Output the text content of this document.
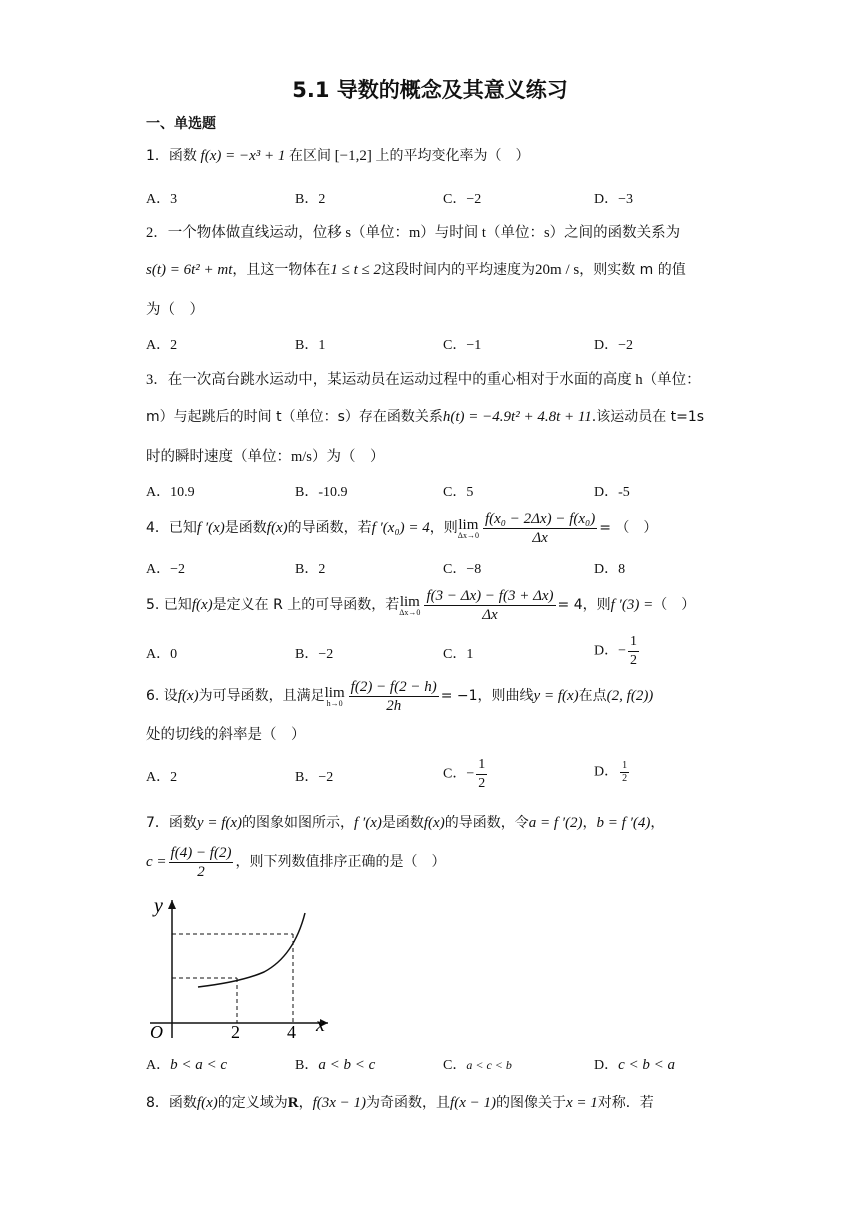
5.1 导数的概念及其意义练习
一、单选题
1．函数 f(x) = −x³ + 1 在区间 [−1,2] 上的平均变化率为（　）
A．3	B．2	C．−2	D．−3
2．一个物体做直线运动，位移 s（单位：m）与时间 t（单位：s）之间的函数关系为
s(t) = 6t² + mt，且这一物体在1 ≤ t ≤ 2这段时间内的平均速度为20m / s，则实数 m 的值
为（　）
A．2	B．1	C．−1	D．−2
3．在一次高台跳水运动中，某运动员在运动过程中的重心相对于水面的高度 h（单位：
m）与起跳后的时间 t（单位：s）存在函数关系h(t) = −4.9t² + 4.8t + 11.该运动员在 t=1s
时的瞬时速度（单位：m/s）为（　）
A．10.9	B．-10.9	C．5	D．-5
4．已知f ′(x)是函数f(x)的导函数，若f ′(x₀) = 4，则 lim
$\Delta x\to 0 \frac{\text{f(x₀ − 2Δx) − f(x₀)}}{\Delta x}$ = （　）
A．−2	B．2	C．−8	D．8
5. 已知f(x)是定义在 R 上的可导函数，若 lim
$\Delta x\to 0 \frac{f(3 - \Delta x) - f(3 + \Delta x)}{\Delta x} = 4$，则f ′(3) =（　）
A．0	B．−2	C．1	D．− $\frac{1}{2}$
6. 设f(x)为可导函数，且满足 lim
$h\to 0 \frac{f(2) - f(2 - h)}{2h} = -1$，则曲线y = f(x)在点(2, f(2))
处的切线的斜率是（　）
A．2	B．−2	C．− $\frac{1}{2}$	D． $\frac{1}{2}$
7．函数y = f(x)的图象如图所示，f ′(x)是函数f(x)的导函数，令a = f ′(2)，b = f ′(4)，
$c = \frac{f(4) - f(2)}{2}$ ，则下列数值排序正确的是（　）
y
x
O	2	4
A．b < a < c	B．a < b < c	C．a < c < b	D．c < b < a
8．函数f(x)的定义域为R，f(3x − 1)为奇函数，且f(x − 1)的图像关于x = 1对称．若
